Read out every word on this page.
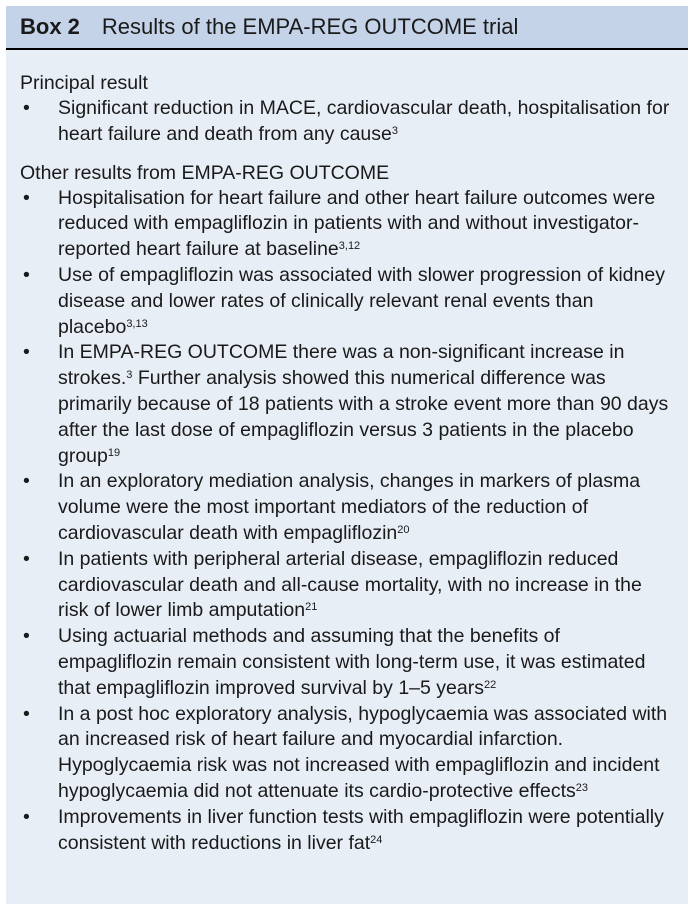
Box 2 Results of the EMPA-REG OUTCOME trial

Principal result

• Significant reduction in MACE, cardiovascular death, hospitalisation for heart failure and death from any cause$^3$

Other results from EMPA-REG OUTCOME

• Hospitalisation for heart failure and other heart failure outcomes were reduced with empagliflozin in patients with and without investigator-reported heart failure at baseline$^{3,12}$
• Use of empagliflozin was associated with slower progression of kidney disease and lower rates of clinically relevant renal events than placebo$^{3,13}$
• In EMPA-REG OUTCOME there was a non-significant increase in strokes.$^3$ Further analysis showed this numerical difference was primarily because of 18 patients with a stroke event more than 90 days after the last dose of empagliflozin versus 3 patients in the placebo group$^{19}$
• In an exploratory mediation analysis, changes in markers of plasma volume were the most important mediators of the reduction of cardiovascular death with empagliflozin$^{20}$
• In patients with peripheral arterial disease, empagliflozin reduced cardiovascular death and all-cause mortality, with no increase in the risk of lower limb amputation$^{21}$
• Using actuarial methods and assuming that the benefits of empagliflozin remain consistent with long-term use, it was estimated that empagliflozin improved survival by 1–5 years$^{22}$
• In a post hoc exploratory analysis, hypoglycaemia was associated with an increased risk of heart failure and myocardial infarction. Hypoglycaemia risk was not increased with empagliflozin and incident hypoglycaemia did not attenuate its cardio-protective effects$^{23}$
• Improvements in liver function tests with empagliflozin were potentially consistent with reductions in liver fat$^{24}$
